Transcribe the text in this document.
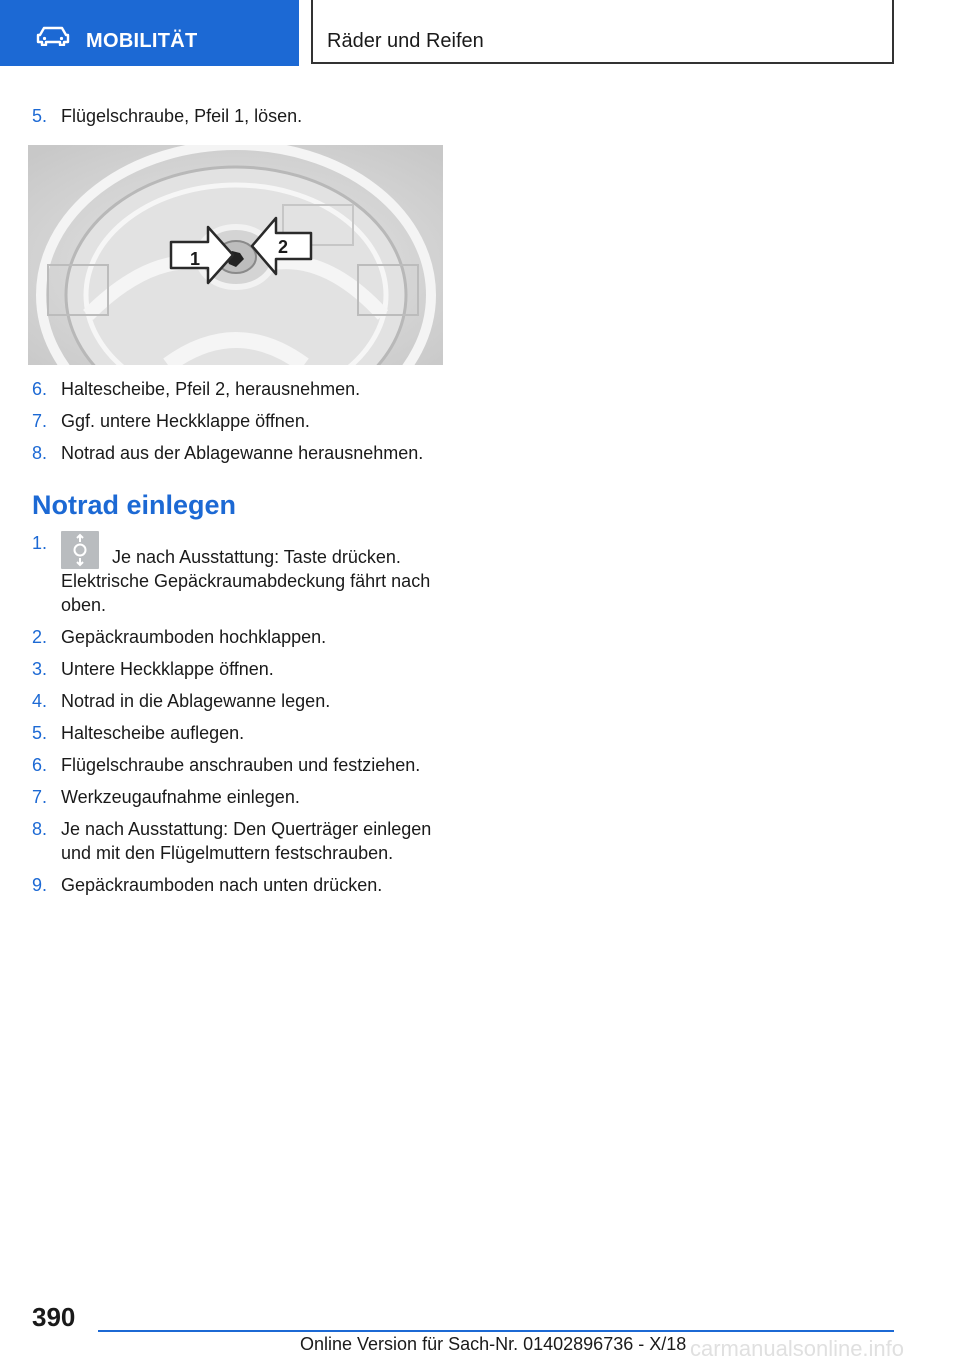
MOBILITÄT	Räder und Reifen
5. Flügelschraube, Pfeil 1, lösen.
1
2
6. Haltescheibe, Pfeil 2, herausnehmen.
7. Ggf. untere Heckklappe öffnen.
8. Notrad aus der Ablagewanne herausnehmen.
Notrad einlegen
1.
Je nach Ausstattung: Taste drücken. Elektrische Gepäckraumabdeckung fährt nach oben.
2. Gepäckraumboden hochklappen.
3. Untere Heckklappe öffnen.
4. Notrad in die Ablagewanne legen.
5. Haltescheibe auflegen.
6. Flügelschraube anschrauben und festziehen.
7. Werkzeugaufnahme einlegen.
8. Je nach Ausstattung: Den Querträger einlegen und mit den Flügelmuttern festschrauben.
9. Gepäckraumboden nach unten drücken.
carmanualsonline.info
390
Online Version für Sach-Nr. 01402896736 - X/18
